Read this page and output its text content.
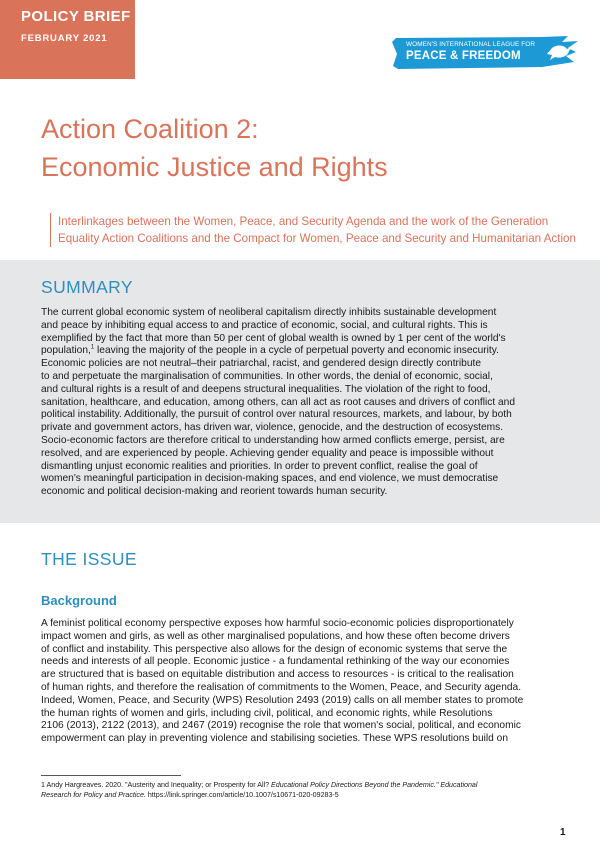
POLICY BRIEF 02
FEBRUARY 2021
WOMEN'S INTERNATIONAL LEAGUE FOR
PEACE & FREEDOM
Action Coalition 2:
Economic Justice and Rights
Interlinkages between the Women, Peace, and Security Agenda and the work of the Generation
Equality Action Coalitions and the Compact for Women, Peace and Security and Humanitarian Action
SUMMARY
The current global economic system of neoliberal capitalism directly inhibits sustainable development
and peace by inhibiting equal access to and practice of economic, social, and cultural rights. This is
exemplified by the fact that more than 50 per cent of global wealth is owned by 1 per cent of the world's
population,$^1$ leaving the majority of the people in a cycle of perpetual poverty and economic insecurity.
Economic policies are not neutral–their patriarchal, racist, and gendered design directly contribute
to and perpetuate the marginalisation of communities. In other words, the denial of economic, social,
and cultural rights is a result of and deepens structural inequalities. The violation of the right to food,
sanitation, healthcare, and education, among others, can all act as root causes and drivers of conflict and
political instability. Additionally, the pursuit of control over natural resources, markets, and labour, by both
private and government actors, has driven war, violence, genocide, and the destruction of ecosystems.
Socio-economic factors are therefore critical to understanding how armed conflicts emerge, persist, are
resolved, and are experienced by people. Achieving gender equality and peace is impossible without
dismantling unjust economic realities and priorities. In order to prevent conflict, realise the goal of
women's meaningful participation in decision-making spaces, and end violence, we must democratise
economic and political decision-making and reorient towards human security.
THE ISSUE
Background
A feminist political economy perspective exposes how harmful socio-economic policies disproportionately
impact women and girls, as well as other marginalised populations, and how these often become drivers
of conflict and instability. This perspective also allows for the design of economic systems that serve the
needs and interests of all people. Economic justice - a fundamental rethinking of the way our economies
are structured that is based on equitable distribution and access to resources - is critical to the realisation
of human rights, and therefore the realisation of commitments to the Women, Peace, and Security agenda.
Indeed, Women, Peace, and Security (WPS) Resolution 2493 (2019) calls on all member states to promote
the human rights of women and girls, including civil, political, and economic rights, while Resolutions
2106 (2013), 2122 (2013), and 2467 (2019) recognise the role that women's social, political, and economic
empowerment can play in preventing violence and stabilising societies. These WPS resolutions build on
1 Andy Hargreaves. 2020. "Austerity and Inequality; or Prosperity for All? Educational Policy Directions Beyond the Pandemic." Educational
Research for Policy and Practice. https://link.springer.com/article/10.1007/s10671-020-09283-5
1
